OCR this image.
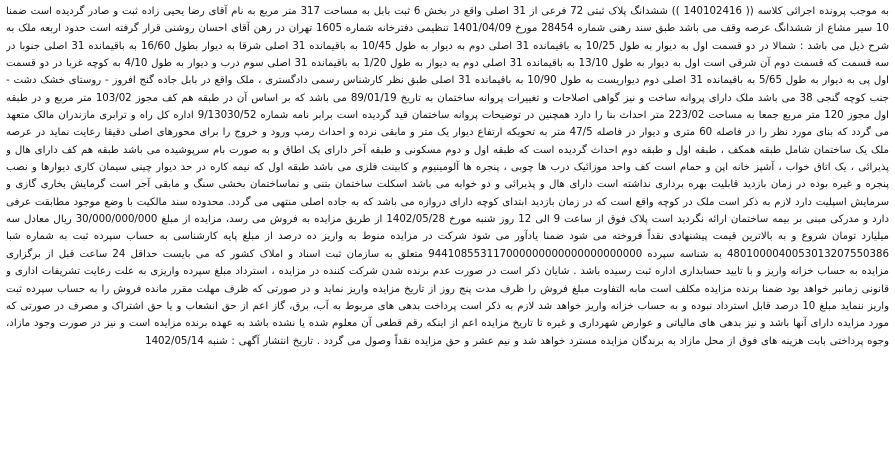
به موجب پرونده اجرائی کلاسه (( 140102416 )) ششدانگ پلاک ثبتی 72 فرعی از 31 اصلی واقع در بخش 6 ثبت بابل به مساحت 317 متر مربع به نام آقای رضا یحیی زاده ثبت و صادر گردیده است ضمنا 10 سیر مشاع از ششدانگ عرصه وقف می باشد طبق سند رهنی شماره 28454 مورخ 1401/04/09 تنظیمی دفترخانه شماره 1605 تهران در رهن آقای احسان روشنی قرار گرفته است حدود اربعه ملک به شرح ذیل می باشد : شمالا در دو قسمت اول به دیوار به طول 10/25 به باقیمانده 31 اصلی دوم به دیوار به طول 10/45 به باقیمانده 31 اصلی شرقا به دیوار بطول 16/60 به باقیمانده 31 اصلی جنوبا در سه قسمت که قسمت دوم آن شرقی است اول به دیوار به طول 13/10 به باقیمانده 31 اصلی دوم به دیوار به طول 1/20 به باقیمانده 31 اصلی سوم درب و دیوار به طول 4/10 به کوچه غربا در دو قسمت اول پی به دیوار به طول 5/65 به باقیمانده 31 اصلی دوم دیواریست به طول 10/90 به باقیمانده 31 اصلی طبق نظر کارشناس رسمی دادگستری ، ملک واقع در بابل جاده گنج افروز - روستای خشک دشت - جنب کوچه گنجی 38 می باشد ملک دارای پروانه ساخت و نیز گواهی اصلاحات و تغییرات پروانه ساختمان به تاریخ 89/01/19 می باشد که بر اساس آن در طبقه هم کف مجوز 103/02 متر مربع و در طبقه اول مجوز 120 متر مربع جمعا به مساحت 223/02 متر احداث بنا را دارد همچنین در توضیحات پروانه ساختمان قید گردیده است برابر نامه شماره 9/13030/52 اداره کل راه و ترابری مازندران مالک متعهد می گردد که بنای مورد نظر را در فاصله 60 متری و دیوار در فاصله 47/5 متر به تحویکه ارتفاع دیوار یک متر و مابقی نرده و احداث رمپ ورود و خروج را برای محورهای اصلی دقیقا رعایت نماید در عرصه ملک یک ساختمان شامل طبقه همکف ، طبقه اول و طبقه دوم احداث گردیده است که طبقه اول و دوم مسکونی و طبقه آخر دارای یک اطاق و به صورت بام سرپوشیده می باشد طبقه هم کف دارای هال و پذیرائی ، یک اتاق خواب ، آشپز خانه اپن و حمام است کف واحد موزائیک درب ها چوبی ، پنجره ها آلومینیوم و کابینت فلزی می باشد طبقه اول که نیمه کاره در حد دیوار چینی سیمان کاری دیوارها و نصب پنجره و غیره بوده در زمان بازدید قابلیت بهره برداری نداشته است دارای هال و پذیرائی و دو خوابه می باشد اسکلت ساختمان بتنی و نماساختمان بخشی سنگ و مابقی آجر است گرمایش بخاری گازی و سرمایش اسپلیت دارد لازم به ذکر است ملک در کوچه واقع است که در زمان بازدید ابتدای کوچه دارای دروازه می باشد که به جاده اصلی منتهی می گردد. محدوده سند مالکیت با وضع موجود مطابقت عرفی دارد و مدرکی مبنی بر بیمه ساختمان ارائه نگردید است پلاک فوق از ساعت 9 الی 12 روز شنبه مورخ 1402/05/28 از طریق مزایده به فروش می رسد، مزایده از مبلغ 30/000/000/000 ریال معادل سه میلیارد تومان شروع و به بالاترین قیمت پیشنهادی نقداً فروخته می شود ضمنا یادآور می شود شرکت در مزایده منوط به واریز ده درصد از مبلغ پایه کارشناسی به حساب سپرده ثبت به شماره شبا 4801000040053013207550386 به شناسه سپرده 944108553117000000000000000000000 متعلق به سازمان ثبت اسناد و املاک کشور که می بایست حداقل 24 ساعت قبل از برگزاری مزایده به حساب خزانه واریز و با تایید حسابداری اداره ثبت رسیده باشد . شایان ذکر است در صورت عدم برنده شدن شرکت کننده در مزایده ، استرداد مبلغ سپرده واریزی به علت رعایت تشریفات اداری و قانونی زمانبر خواهد بود ضمنا برنده مزایده مکلف است مابه التفاوت مبلغ فروش را ظرف مدت پنج روز از تاریخ مزایده واریز نماید و در صورتی که ظرف مهلت مقرر مانده فروش را به حساب سپرده ثبت واریز ننماید مبلغ 10 درصد قابل استرداد نبوده و به حساب خزانه واریز خواهد شد لازم به ذکر است پرداخت بدهی های مربوط به آب، برق، گاز اعم از حق انشعاب و یا حق اشتراک و مصرف در صورتی که مورد مزایده دارای آنها باشد و نیز بدهی های مالیاتی و عوارض شهرداری و غیره تا تاریخ مزایده اعم از اینکه رقم قطعی آن معلوم شده یا نشده باشد به عهده برنده مزایده است و نیز در صورت وجود مازاد، وجوه پرداختی بابت هزینه های فوق از محل مازاد به برندگان مزایده مسترد خواهد شد و نیم عشر و حق مزایده نقداً وصول می گردد . تاریخ انتشار آگهی : شنبه 1402/05/14
